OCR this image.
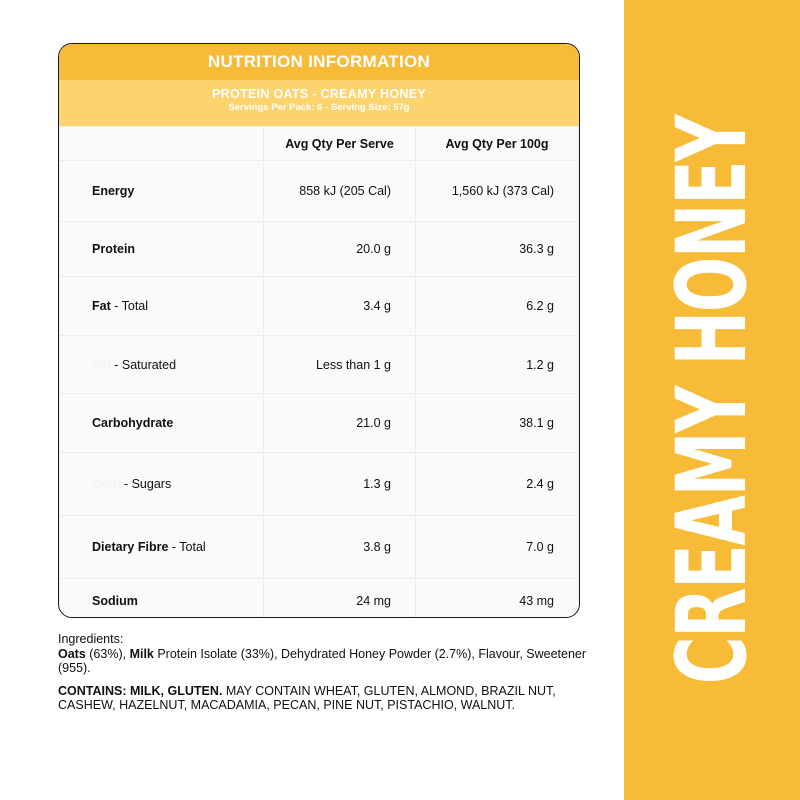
CREAMY HONEY
NUTRITION INFORMATION
PROTEIN OATS - CREAMY HONEY
Servings Per Pack: 6 - Serving Size: 57g
	Avg Qty Per Serve	Avg Qty Per 100g
Energy	858 kJ (205 Cal)	1,560 kJ (373 Cal)
Protein	20.0 g	36.3 g
Fat - Total	3.4 g	6.2 g
Fat - Saturated	Less than 1 g	1.2 g
Carbohydrate	21.0 g	38.1 g
Carb - Sugars	1.3 g	2.4 g
Dietary Fibre - Total	3.8 g	7.0 g
Sodium	24 mg	43 mg
Ingredients:
Oats (63%), Milk Protein Isolate (33%), Dehydrated Honey Powder (2.7%), Flavour, Sweetener (955).
CONTAINS: MILK, GLUTEN. MAY CONTAIN WHEAT, GLUTEN, ALMOND, BRAZIL NUT, CASHEW, HAZELNUT, MACADAMIA, PECAN, PINE NUT, PISTACHIO, WALNUT.
